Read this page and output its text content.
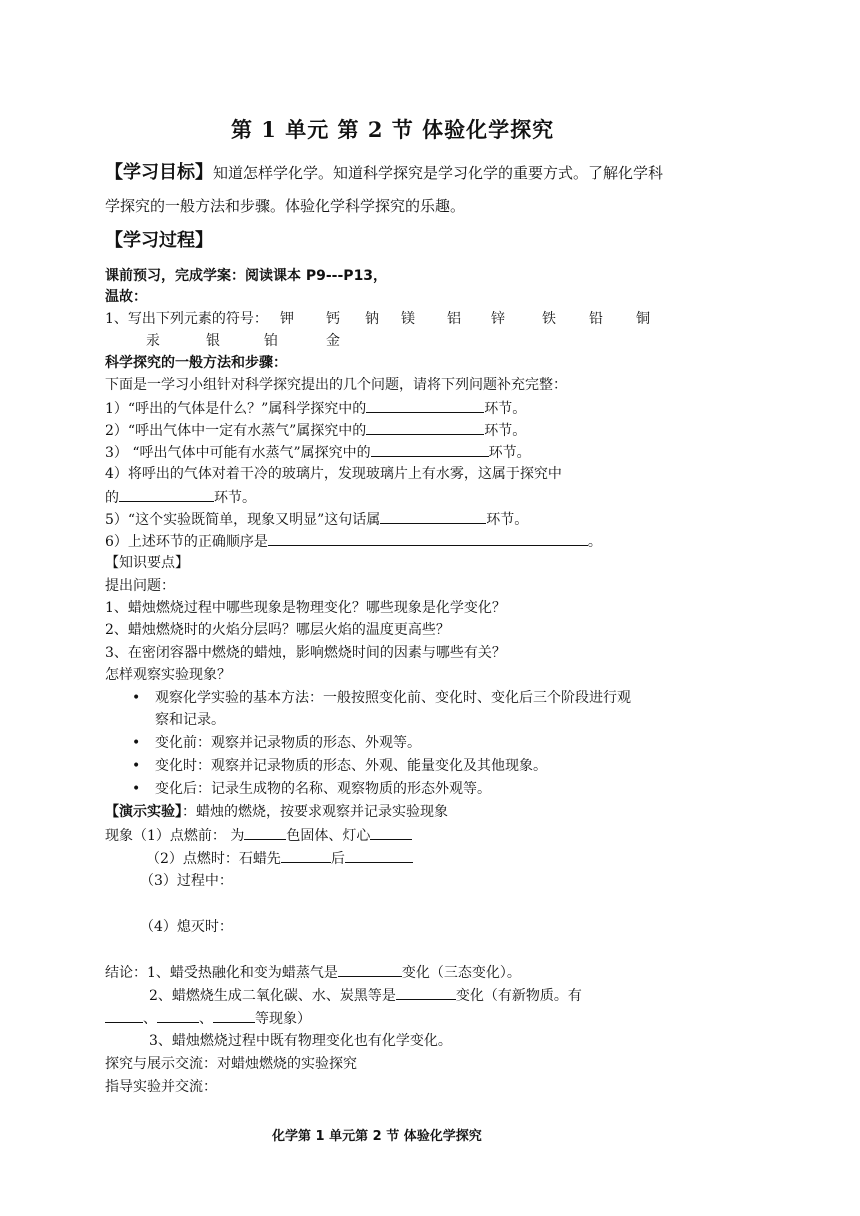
第 1 单元 第 2 节 体验化学探究
【学习目标】知道怎样学化学。知道科学探究是学习化学的重要方式。了解化学科
学探究的一般方法和步骤。体验化学科学探究的乐趣。
【学习过程】
课前预习，完成学案：阅读课本 P9---P13，
温故：
1、写出下列元素的符号： 钾 钙 钠 镁 铝 锌	铁 铅 铜
汞	银	铂	金
科学探究的一般方法和步骤：
下面是一学习小组针对科学探究提出的几个问题，请将下列问题补充完整：
1）“呼出的气体是什么？”属科学探究中的	环节。
2）“呼出气体中一定有水蒸气”属探究中的	环节。
3） “呼出气体中可能有水蒸气”属探究中的	环节。
4）将呼出的气体对着干冷的玻璃片，发现玻璃片上有水雾，这属于探究中
的	环节。
5）“这个实验既简单，现象又明显”这句话属	环节。
6）上述环节的正确顺序是	。
【知识要点】
提出问题：
1、蜡烛燃烧过程中哪些现象是物理变化？哪些现象是化学变化？
2、蜡烛燃烧时的火焰分层吗？哪层火焰的温度更高些？
3、在密闭容器中燃烧的蜡烛，影响燃烧时间的因素与哪些有关？
怎样观察实验现象？
• 观察化学实验的基本方法：一般按照变化前、变化时、变化后三个阶段进行观
察和记录。
• 变化前：观察并记录物质的形态、外观等。
• 变化时：观察并记录物质的形态、外观、能量变化及其他现象。
• 变化后：记录生成物的名称、观察物质的形态外观等。
【演示实验】：蜡烛的燃烧，按要求观察并记录实验现象
现象（1）点燃前： 为	色固体、灯心
（2）点燃时：石蜡先	后
（3）过程中：
（4）熄灭时：
结论：1、蜡受热融化和变为蜡蒸气是	变化（三态变化）。
2、蜡燃烧生成二氧化碳、水、炭黑等是	变化（有新物质。有
、	、	等现象）
3、蜡烛燃烧过程中既有物理变化也有化学变化。
探究与展示交流：对蜡烛燃烧的实验探究
指导实验并交流：
化学第 1 单元第 2 节 体验化学探究
